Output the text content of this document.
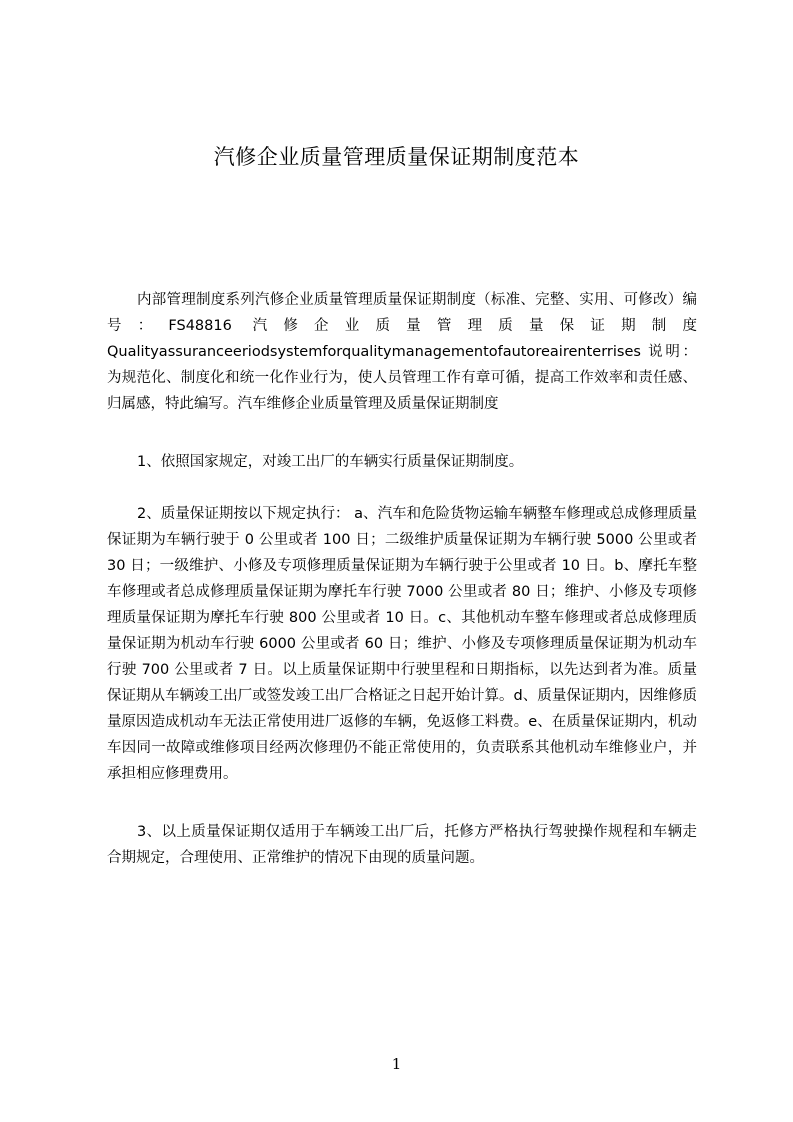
汽修企业质量管理质量保证期制度范本

内部管理制度系列汽修企业质量管理质量保证期制度（标准、完整、实用、可修改）编号：FS48816 汽修企业质量管理质量保证期制度 Qualityassuranceeriodsystemforqualitymanagementofautoreairenterrises 说明：为规范化、制度化和统一化作业行为，使人员管理工作有章可循，提高工作效率和责任感、归属感，特此编写。汽车维修企业质量管理及质量保证期制度

1、依照国家规定，对竣工出厂的车辆实行质量保证期制度。

2、质量保证期按以下规定执行： a、汽车和危险货物运输车辆整车修理或总成修理质量保证期为车辆行驶于 0 公里或者 100 日；二级维护质量保证期为车辆行驶 5000 公里或者 30 日；一级维护、小修及专项修理质量保证期为车辆行驶于公里或者 10 日。b、摩托车整车修理或者总成修理质量保证期为摩托车行驶 7000 公里或者 80 日；维护、小修及专项修理质量保证期为摩托车行驶 800 公里或者 10 日。c、其他机动车整车修理或者总成修理质量保证期为机动车行驶 6000 公里或者 60 日；维护、小修及专项修理质量保证期为机动车行驶 700 公里或者 7 日。以上质量保证期中行驶里程和日期指标，以先达到者为准。质量保证期从车辆竣工出厂或签发竣工出厂合格证之日起开始计算。d、质量保证期内，因维修质量原因造成机动车无法正常使用进厂返修的车辆，免返修工料费。e、在质量保证期内，机动车因同一故障或维修项目经两次修理仍不能正常使用的，负责联系其他机动车维修业户，并承担相应修理费用。

3、以上质量保证期仅适用于车辆竣工出厂后，托修方严格执行驾驶操作规程和车辆走合期规定，合理使用、正常维护的情况下由现的质量问题。

1
